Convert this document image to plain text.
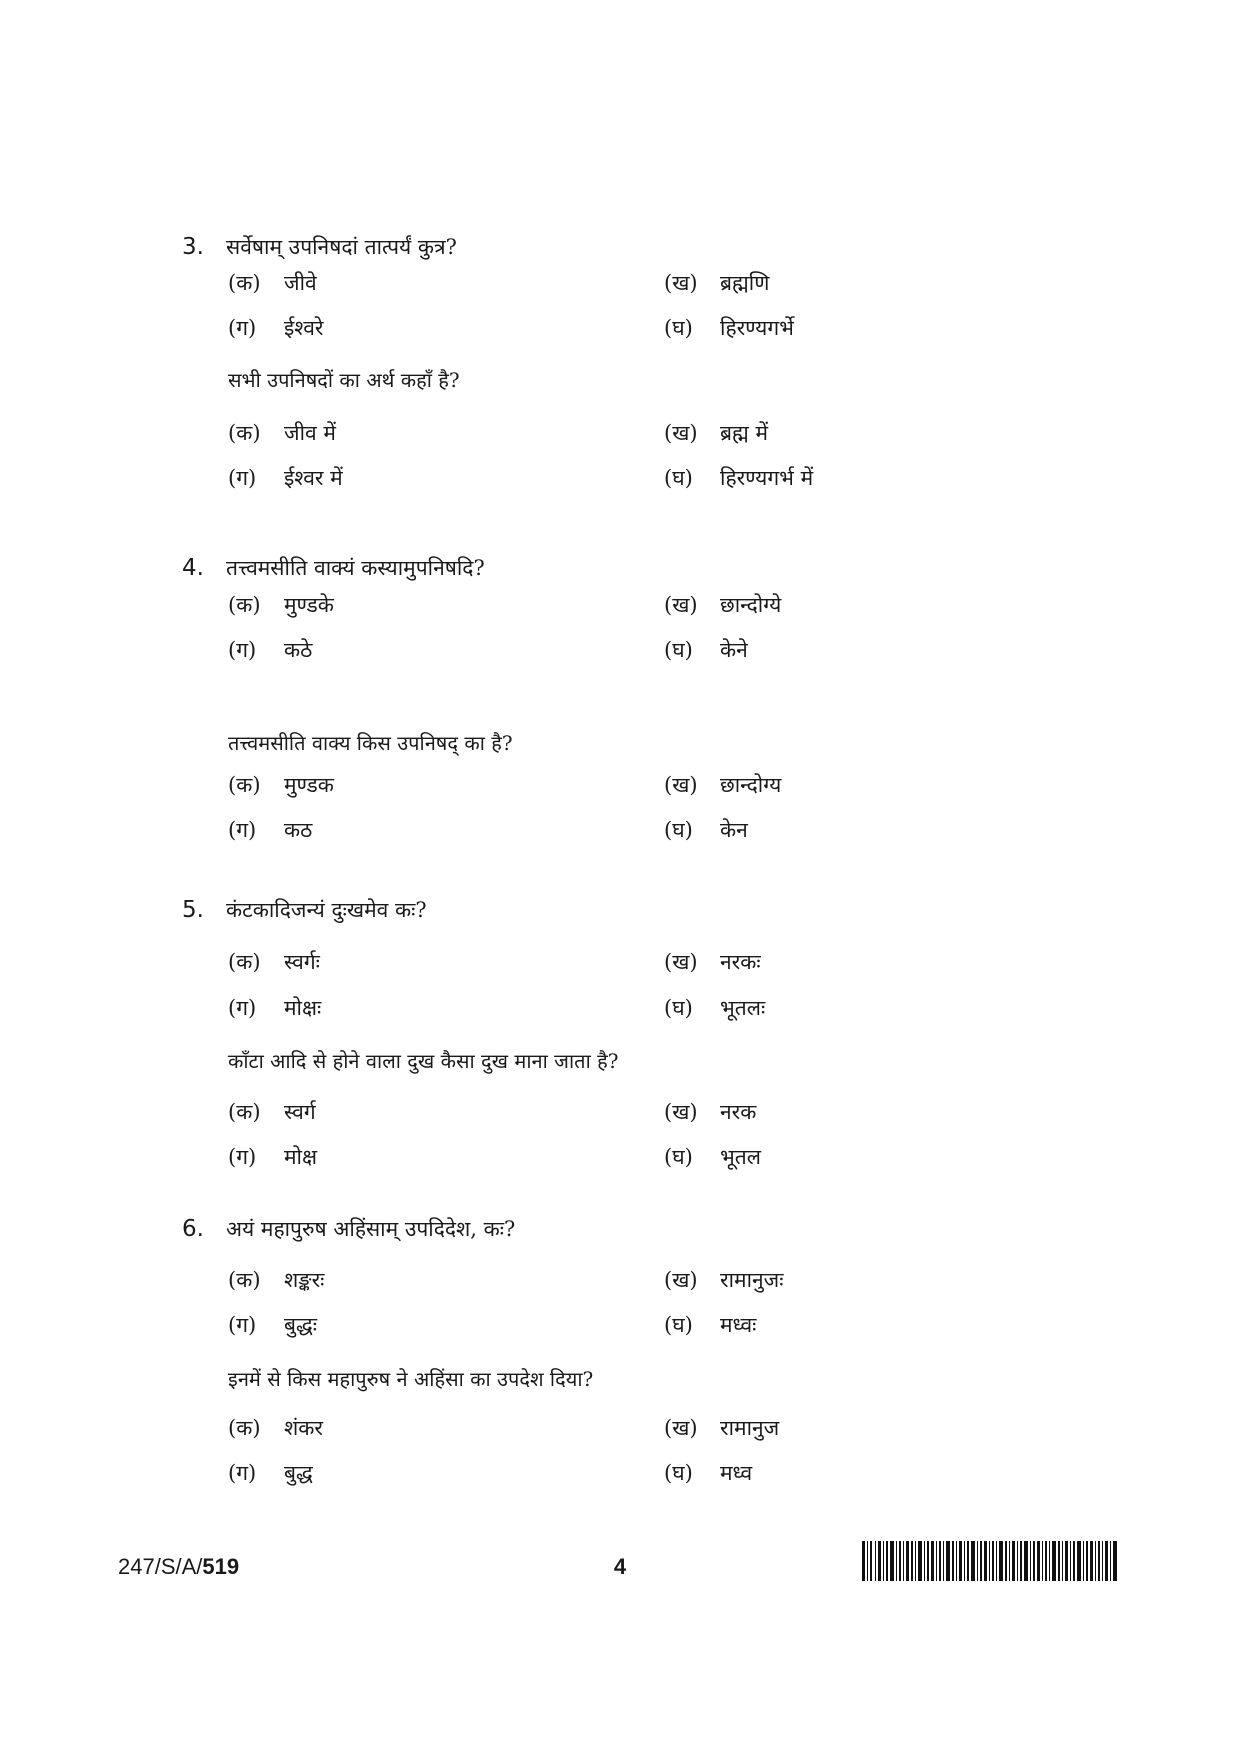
3. सर्वेषाम् उपनिषदां तात्पर्यं कुत्र?
(क) जीवे	(ख) ब्रह्मणि
(ग) ईश्वरे	(घ) हिरण्यगर्भे
सभी उपनिषदों का अर्थ कहाँ है?
(क) जीव में	(ख) ब्रह्म में
(ग) ईश्वर में	(घ) हिरण्यगर्भ में
4. तत्त्वमसीति वाक्यं कस्यामुपनिषदि?
(क) मुण्डके	(ख) छान्दोग्ये
(ग) कठे	(घ) केने
तत्त्वमसीति वाक्य किस उपनिषद् का है?
(क) मुण्डक	(ख) छान्दोग्य
(ग) कठ	(घ) केन
5. कंटकादिजन्यं दुःखमेव कः?
(क) स्वर्गः	(ख) नरकः
(ग) मोक्षः	(घ) भूतलः
काँटा आदि से होने वाला दुख कैसा दुख माना जाता है?
(क) स्वर्ग	(ख) नरक
(ग) मोक्ष	(घ) भूतल
6. अयं महापुरुष अहिंसाम् उपदिदेश, कः?
(क) शङ्करः	(ख) रामानुजः
(ग) बुद्धः	(घ) मध्वः
इनमें से किस महापुरुष ने अहिंसा का उपदेश दिया?
(क) शंकर	(ख) रामानुज
(ग) बुद्ध	(घ) मध्व
247/S/A/519	4
